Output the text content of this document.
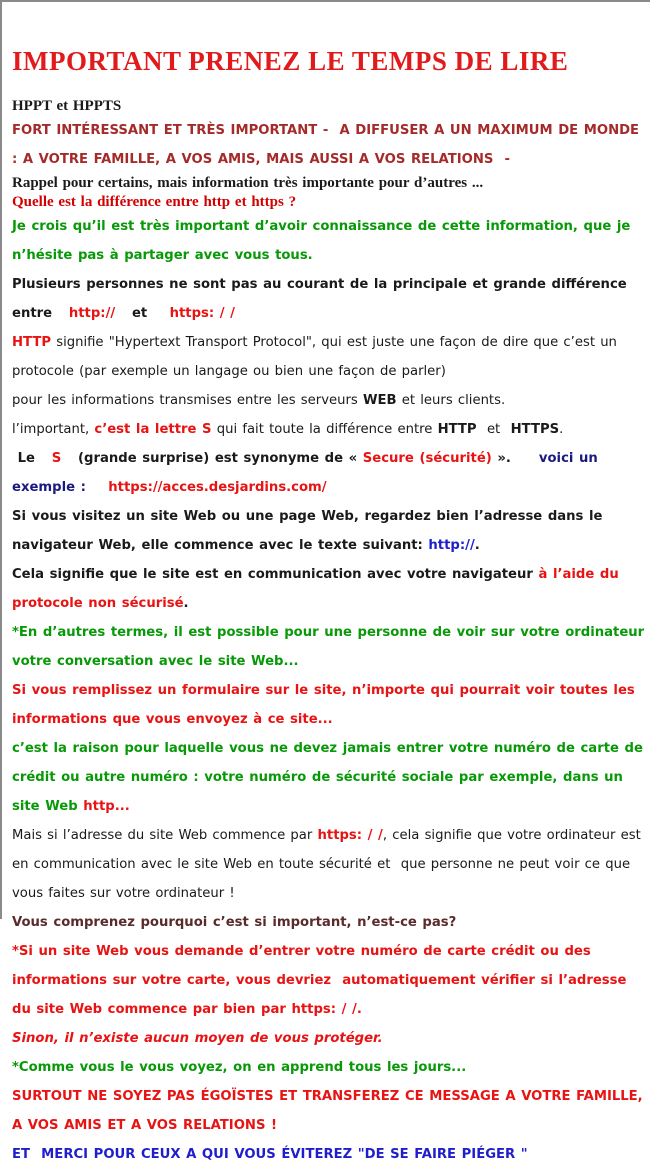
IMPORTANT PRENEZ LE TEMPS DE LIRE

HPPT et HPPTS

FORT INTÉRESSANT ET TRÈS IMPORTANT -  A DIFFUSER A UN MAXIMUM DE MONDE : A VOTRE FAMILLE, A VOS AMIS, MAIS AUSSI A VOS RELATIONS  -

Rappel pour certains, mais information très importante pour d’autres ...

Quelle est la différence entre http et https ?

Je crois qu’il est très important d’avoir connaissance de cette information, que je n’hésite pas à partager avec vous tous.

Plusieurs personnes ne sont pas au courant de la principale et grande différence entre   http://   et    https: / /

HTTP signifie "Hypertext Transport Protocol", qui est juste une façon de dire que c’est un protocole (par exemple un langage ou bien une façon de parler)
pour les informations transmises entre les serveurs WEB et leurs clients.

l’important, c’est la lettre S qui fait toute la différence entre HTTP  et  HTTPS.

Le   S   (grande surprise) est synonyme de « Secure (sécurité) ».     voici un exemple : https://acces.desjardins.com/

Si vous visitez un site Web ou une page Web, regardez bien l’adresse dans le navigateur Web, elle commence avec le texte suivant: http://.

Cela signifie que le site est en communication avec votre navigateur à l’aide du protocole non sécurisé.

*En d’autres termes, il est possible pour une personne de voir sur votre ordinateur votre conversation avec le site Web...

Si vous remplissez un formulaire sur le site, n’importe qui pourrait voir toutes les informations que vous envoyez à ce site...

c’est la raison pour laquelle vous ne devez jamais entrer votre numéro de carte de crédit ou autre numéro : votre numéro de sécurité sociale par exemple, dans un site Web http...

Mais si l’adresse du site Web commence par https: / /, cela signifie que votre ordinateur est en communication avec le site Web en toute sécurité et  que personne ne peut voir ce que vous faites sur votre ordinateur !

Vous comprenez pourquoi c’est si important, n’est-ce pas?

*Si un site Web vous demande d’entrer votre numéro de carte crédit ou des informations sur votre carte, vous devriez  automatiquement vérifier si l’adresse du site Web commence par bien par https: / /.

Sinon, il n’existe aucun moyen de vous protéger.

*Comme vous le vous voyez, on en apprend tous les jours...

SURTOUT NE SOYEZ PAS ÉGOÏSTES ET TRANSFEREZ CE MESSAGE A VOTRE FAMILLE, A VOS AMIS ET A VOS RELATIONS !

ET  MERCI POUR CEUX A QUI VOUS ÉVITEREZ "DE SE FAIRE PIÉGER "
